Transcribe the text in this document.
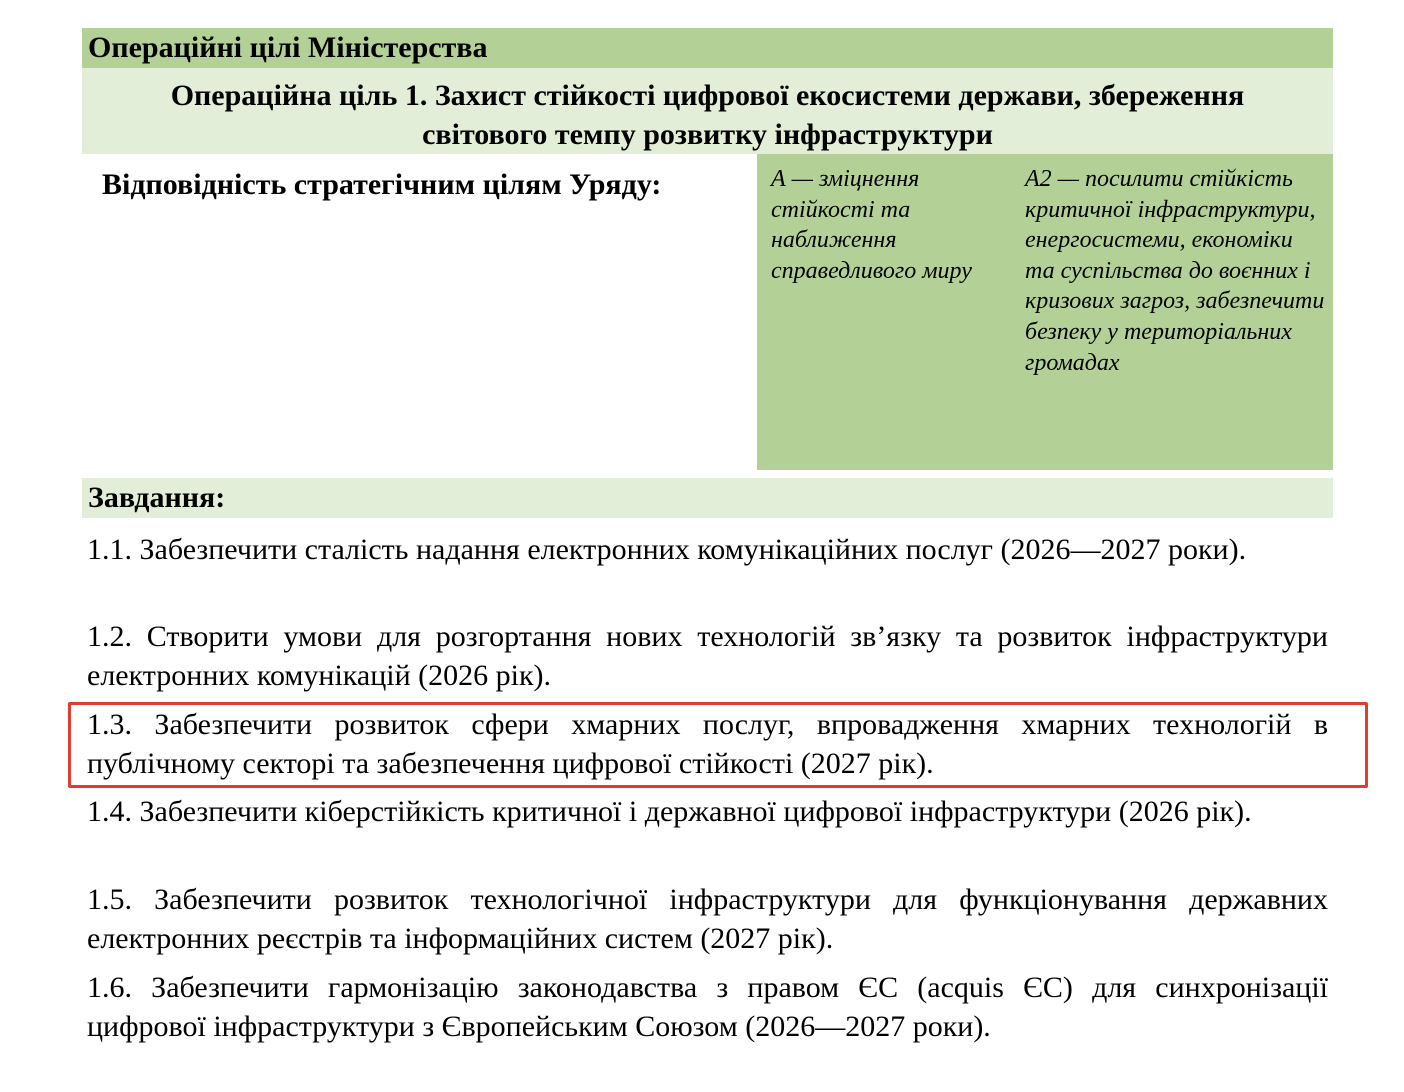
Операційні цілі Міністерства
Операційна ціль 1. Захист стійкості цифрової екосистеми держави, збереження
світового темпу розвитку інфраструктури
Відповідність стратегічним цілям Уряду:	А — зміцнення стійкості та наближення справедливого миру
А2 — посилити стійкість критичної інфраструктури, енергосистеми, економіки та суспільства до воєнних і кризових загроз, забезпечити безпеку у територіальних громадах
Завдання:
1.1. Забезпечити сталість надання електронних комунікаційних послуг (2026—2027 роки).
1.2. Створити умови для розгортання нових технологій зв’язку та розвиток інфраструктури електронних комунікацій (2026 рік).
1.3. Забезпечити розвиток сфери хмарних послуг, впровадження хмарних технологій в публічному секторі та забезпечення цифрової стійкості (2027 рік).
1.4. Забезпечити кіберстійкість критичної і державної цифрової інфраструктури (2026 рік).
1.5. Забезпечити розвиток технологічної інфраструктури для функціонування державних електронних реєстрів та інформаційних систем (2027 рік).
1.6. Забезпечити гармонізацію законодавства з правом ЄС (acquis ЄС) для синхронізації цифрової інфраструктури з Європейським Союзом (2026—2027 роки).
